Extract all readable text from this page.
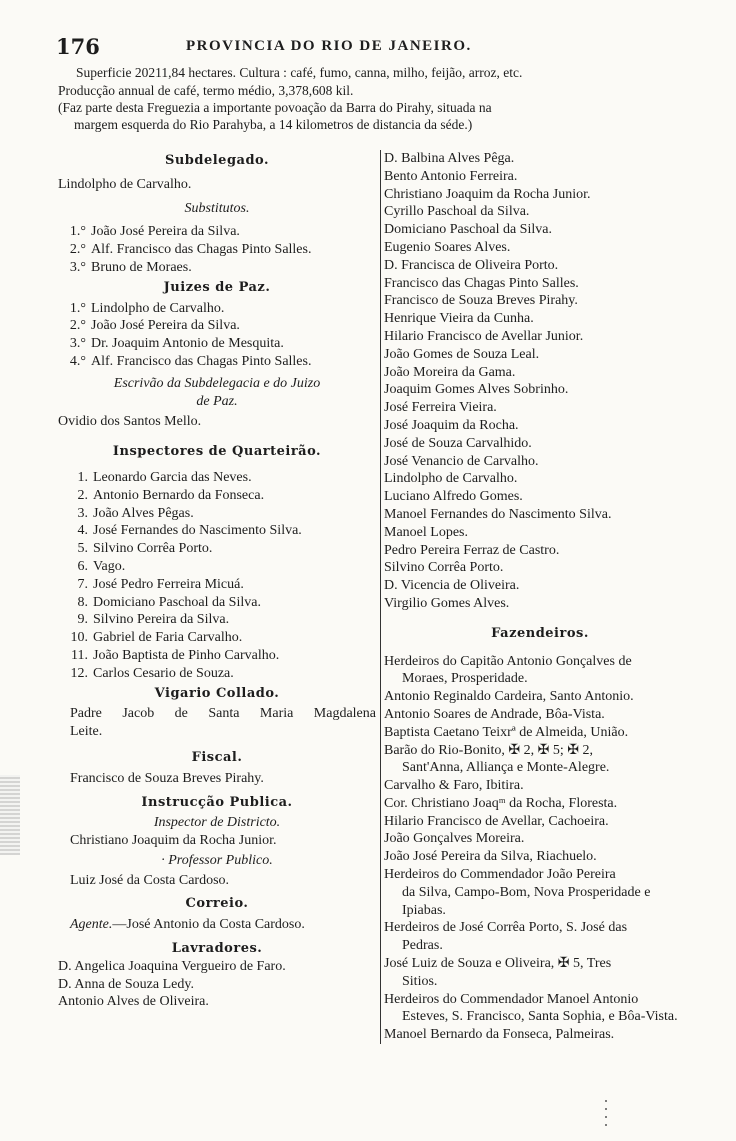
176	PROVINCIA DO RIO DE JANEIRO.

Superficie 20211,84 hectares. Cultura : café, fumo, canna, milho, feijão, arroz, etc.

Producção annual de café, termo médio, 3,378,608 kil.

(Faz parte desta Freguezia a importante povoação da Barra do Pirahy, situada na
margem esquerda do Rio Parahyba, a 14 kilometros de distancia da séde.)

Subdelegado.
Lindolpho de Carvalho.
Substitutos.
1.° João José Pereira da Silva.
2.° Alf. Francisco das Chagas Pinto Salles.
3.° Bruno de Moraes.
Juizes de Paz.
1.° Lindolpho de Carvalho.
2.° João José Pereira da Silva.
3.° Dr. Joaquim Antonio de Mesquita.
4.° Alf. Francisco das Chagas Pinto Salles.
Escrivão da Subdelegacia e do Juizo
de Paz.
Ovidio dos Santos Mello.
Inspectores de Quarteirão.
1. Leonardo Garcia das Neves.
2. Antonio Bernardo da Fonseca.
3. João Alves Pêgas.
4. José Fernandes do Nascimento Silva.
5. Silvino Corrêa Porto.
6. Vago.
7. José Pedro Ferreira Micuá.
8. Domiciano Paschoal da Silva.
9. Silvino Pereira da Silva.
10. Gabriel de Faria Carvalho.
11. João Baptista de Pinho Carvalho.
12. Carlos Cesario de Souza.
Vigario Collado.
Padre Jacob de Santa Maria Magdalena
Leite.
Fiscal.
Francisco de Souza Breves Pirahy.
Instrucção Publica.
Inspector de Districto.
Christiano Joaquim da Rocha Junior.
· Professor Publico.
Luiz José da Costa Cardoso.
Correio.
Agente.—José Antonio da Costa Cardoso.
Lavradores.
D. Angelica Joaquina Vergueiro de Faro.
D. Anna de Souza Ledy.
Antonio Alves de Oliveira.
D. Balbina Alves Pêga.
Bento Antonio Ferreira.
Christiano Joaquim da Rocha Junior.
Cyrillo Paschoal da Silva.
Domiciano Paschoal da Silva.
Eugenio Soares Alves.
D. Francisca de Oliveira Porto.
Francisco das Chagas Pinto Salles.
Francisco de Souza Breves Pirahy.
Henrique Vieira da Cunha.
Hilario Francisco de Avellar Junior.
João Gomes de Souza Leal.
João Moreira da Gama.
Joaquim Gomes Alves Sobrinho.
José Ferreira Vieira.
José Joaquim da Rocha.
José de Souza Carvalhido.
José Venancio de Carvalho.
Lindolpho de Carvalho.
Luciano Alfredo Gomes.
Manoel Fernandes do Nascimento Silva.
Manoel Lopes.
Pedro Pereira Ferraz de Castro.
Silvino Corrêa Porto.
D. Vicencia de Oliveira.
Virgilio Gomes Alves.
Fazendeiros.
Herdeiros do Capitão Antonio Gonçalves de
Moraes, Prosperidade.
Antonio Reginaldo Cardeira, Santo Antonio.
Antonio Soares de Andrade, Bôa-Vista.
Baptista Caetano Teixrª de Almeida, União.
Barão do Rio-Bonito, ✠ 2, ✠ 5; ✠ 2,
Sant'Anna, Alliança e Monte-Alegre.
Carvalho & Faro, Ibitira.
Cor. Christiano Joaqᵐ da Rocha, Floresta.
Hilario Francisco de Avellar, Cachoeira.
João Gonçalves Moreira.
João José Pereira da Silva, Riachuelo.
Herdeiros do Commendador João Pereira
da Silva, Campo-Bom, Nova Prosperidade e Ipiabas.
Herdeiros de José Corrêa Porto, S. José das
Pedras.
José Luiz de Souza e Oliveira, ✠ 5, Tres
Sitios.
Herdeiros do Commendador Manoel Antonio
Esteves, S. Francisco, Santa Sophia, e Bôa-Vista.
Manoel Bernardo da Fonseca, Palmeiras.
